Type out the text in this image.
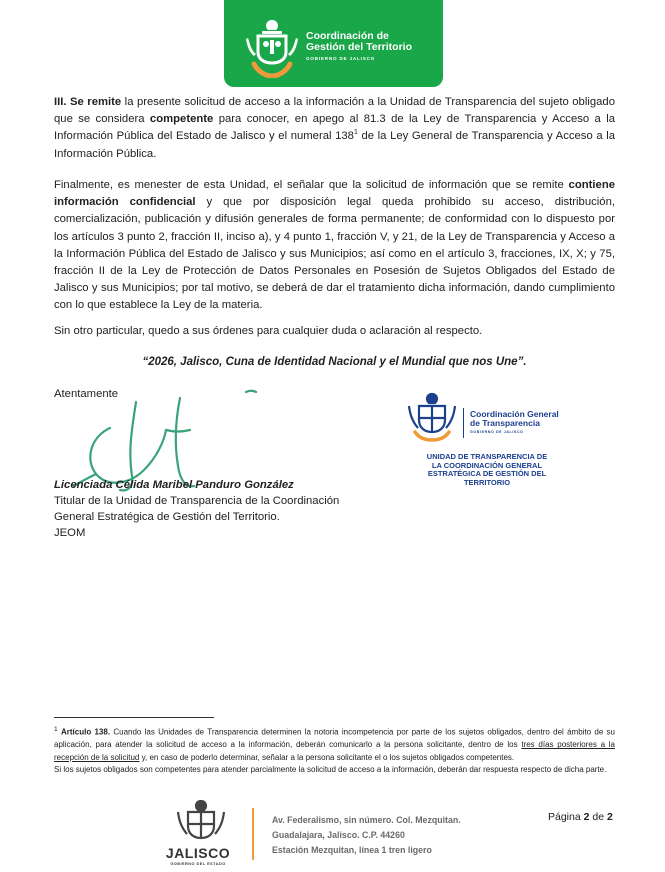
Coordinación de
Gestión del Territorio
GOBIERNO DE JALISCO

III. Se remite la presente solicitud de acceso a la información a la Unidad de Transparencia del sujeto obligado que se considera competente para conocer, en apego al 81.3 de la Ley de Transparencia y Acceso a la Información Pública del Estado de Jalisco y el numeral $138^1$ de la Ley General de Transparencia y Acceso a la Información Pública.

Finalmente, es menester de esta Unidad, el señalar que la solicitud de información que se remite contiene información confidencial y que por disposición legal queda prohibido su acceso, distribución, comercialización, publicación y difusión generales de forma permanente; de conformidad con lo dispuesto por los artículos 3 punto 2, fracción II, inciso a), y 4 punto 1, fracción V, y 21, de la Ley de Transparencia y Acceso a la Información Pública del Estado de Jalisco y sus Municipios; así como en el artículo 3, fracciones, IX, X; y 75, fracción II de la Ley de Protección de Datos Personales en Posesión de Sujetos Obligados del Estado de Jalisco y sus Municipios; por tal motivo, se deberá de dar el tratamiento dicha información, dando cumplimiento con lo que establece la Ley de la materia.

Sin otro particular, quedo a sus órdenes para cualquier duda o aclaración al respecto.

“2026, Jalisco, Cuna de Identidad Nacional y el Mundial que nos Une”.
Atentamente
Licenciada Célida Maribel Panduro González
Titular de la Unidad de Transparencia de la Coordinación
General Estratégica de Gestión del Territorio.
JEOM
Coordinación General
de Transparencia
GOBIERNO DE JALISCO
UNIDAD DE TRANSPARENCIA DE
LA COORDINACIÓN GENERAL
ESTRATÉGICA DE GESTIÓN DEL
TERRITORIO

$^1$ Artículo 138. Cuando las Unidades de Transparencia determinen la notoria incompetencia por parte de los sujetos obligados, dentro del ámbito de su aplicación, para atender la solicitud de acceso a la información, deberán comunicarlo a la persona solicitante, dentro de los tres días posteriores a la recepción de la solicitud y, en caso de poderlo determinar, señalar a la persona solicitante el o los sujetos obligados competentes.
Si los sujetos obligados son competentes para atender parcialmente la solicitud de acceso a la información, deberán dar respuesta respecto de dicha parte.

JALISCO
GOBIERNO DEL ESTADO
Av. Federalismo, sin número. Col. Mezquitan.
Guadalajara, Jalisco. C.P. 44260
Estación Mezquitan, línea 1 tren ligero
Página 2 de 2
